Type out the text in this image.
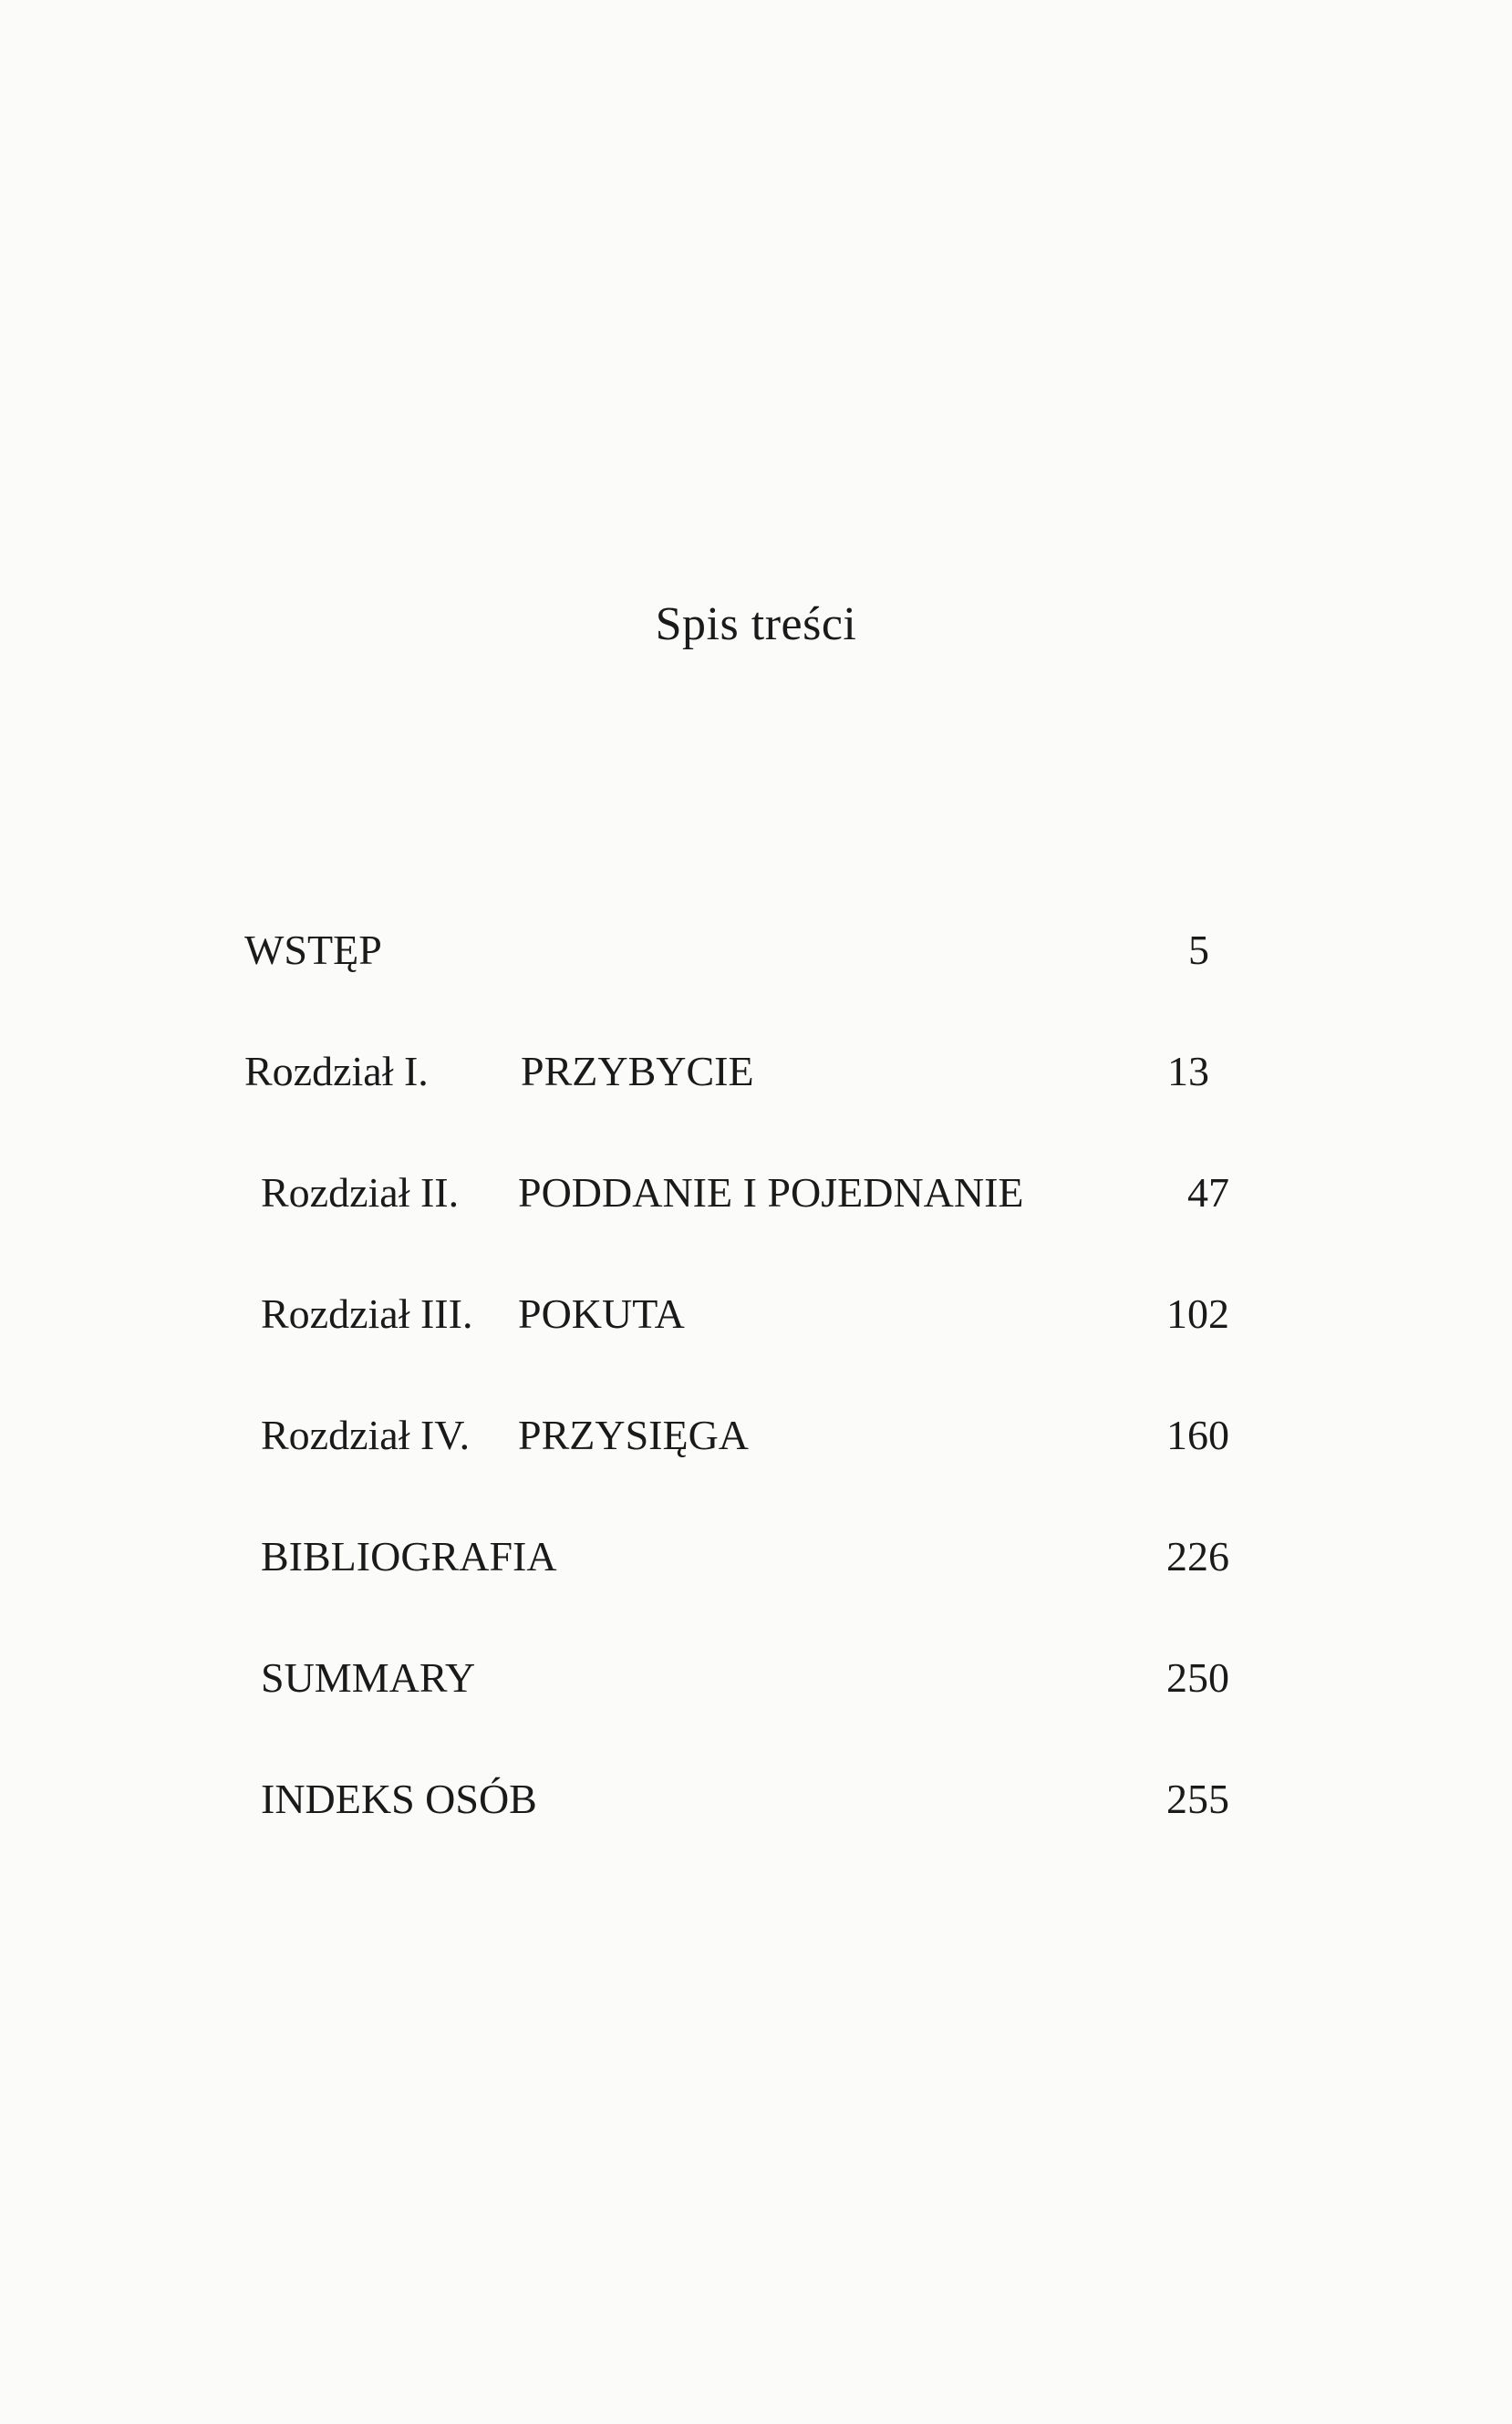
Spis treści
WSTĘP	5
Rozdział I. PRZYBYCIE	13
Rozdział II. PODDANIE I POJEDNANIE	47
Rozdział III. POKUTA	102
Rozdział IV. PRZYSIĘGA	160
BIBLIOGRAFIA	226
SUMMARY	250
INDEKS OSÓB	255
